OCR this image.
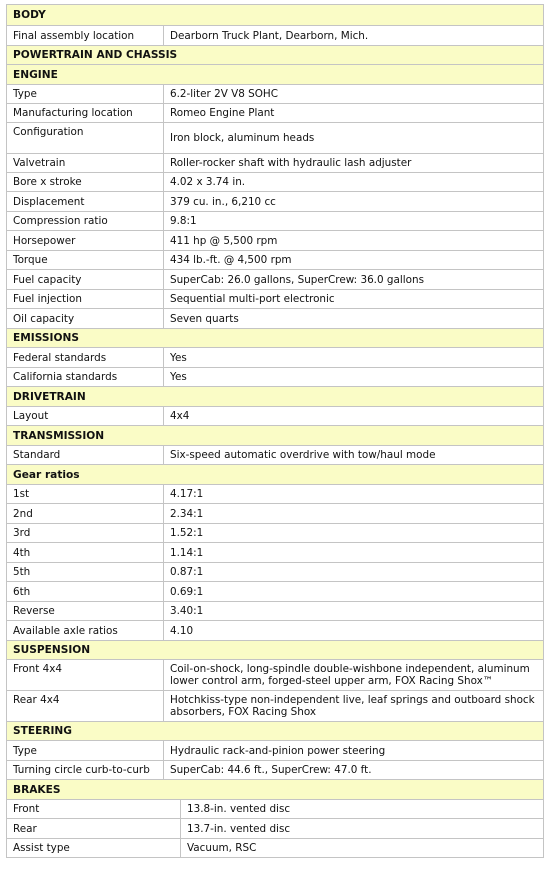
BODY		
Final assembly location	Dearborn Truck Plant, Dearborn, Mich.	
POWERTRAIN AND CHASSIS		
ENGINE		
Type	6.2-liter 2V V8 SOHC	
Manufacturing location	Romeo Engine Plant	
Configuration	Iron block, aluminum heads	
Valvetrain	Roller-rocker shaft with hydraulic lash adjuster	
Bore x stroke	4.02 x 3.74 in.	
Displacement	379 cu. in., 6,210 cc	
Compression ratio	9.8:1	
Horsepower	411 hp @ 5,500 rpm	
Torque	434 lb.-ft. @ 4,500 rpm	
Fuel capacity	SuperCab: 26.0 gallons, SuperCrew: 36.0 gallons	
Fuel injection	Sequential multi-port electronic	
Oil capacity	Seven quarts	
EMISSIONS		
Federal standards	Yes	
California standards	Yes	
DRIVETRAIN		
Layout	4x4	
TRANSMISSION		
Standard	Six-speed automatic overdrive with tow/haul mode	
Gear ratios		
1st	4.17:1	
2nd	2.34:1	
3rd	1.52:1	
4th	1.14:1	
5th	0.87:1	
6th	0.69:1	
Reverse	3.40:1	
Available axle ratios	4.10	
SUSPENSION		
Front 4x4	Coil-on-shock, long-spindle double-wishbone independent, aluminum lower control arm, forged-steel upper arm, FOX Racing Shox™	
Rear 4x4	Hotchkiss-type non-independent live, leaf springs and outboard shock absorbers, FOX Racing Shox	
STEERING		
Type	Hydraulic rack-and-pinion power steering	
Turning circle curb-to-curb	SuperCab: 44.6 ft., SuperCrew: 47.0 ft.	
BRAKES		
Front		13.8-in. vented disc
Rear		13.7-in. vented disc
Assist type		Vacuum, RSC
